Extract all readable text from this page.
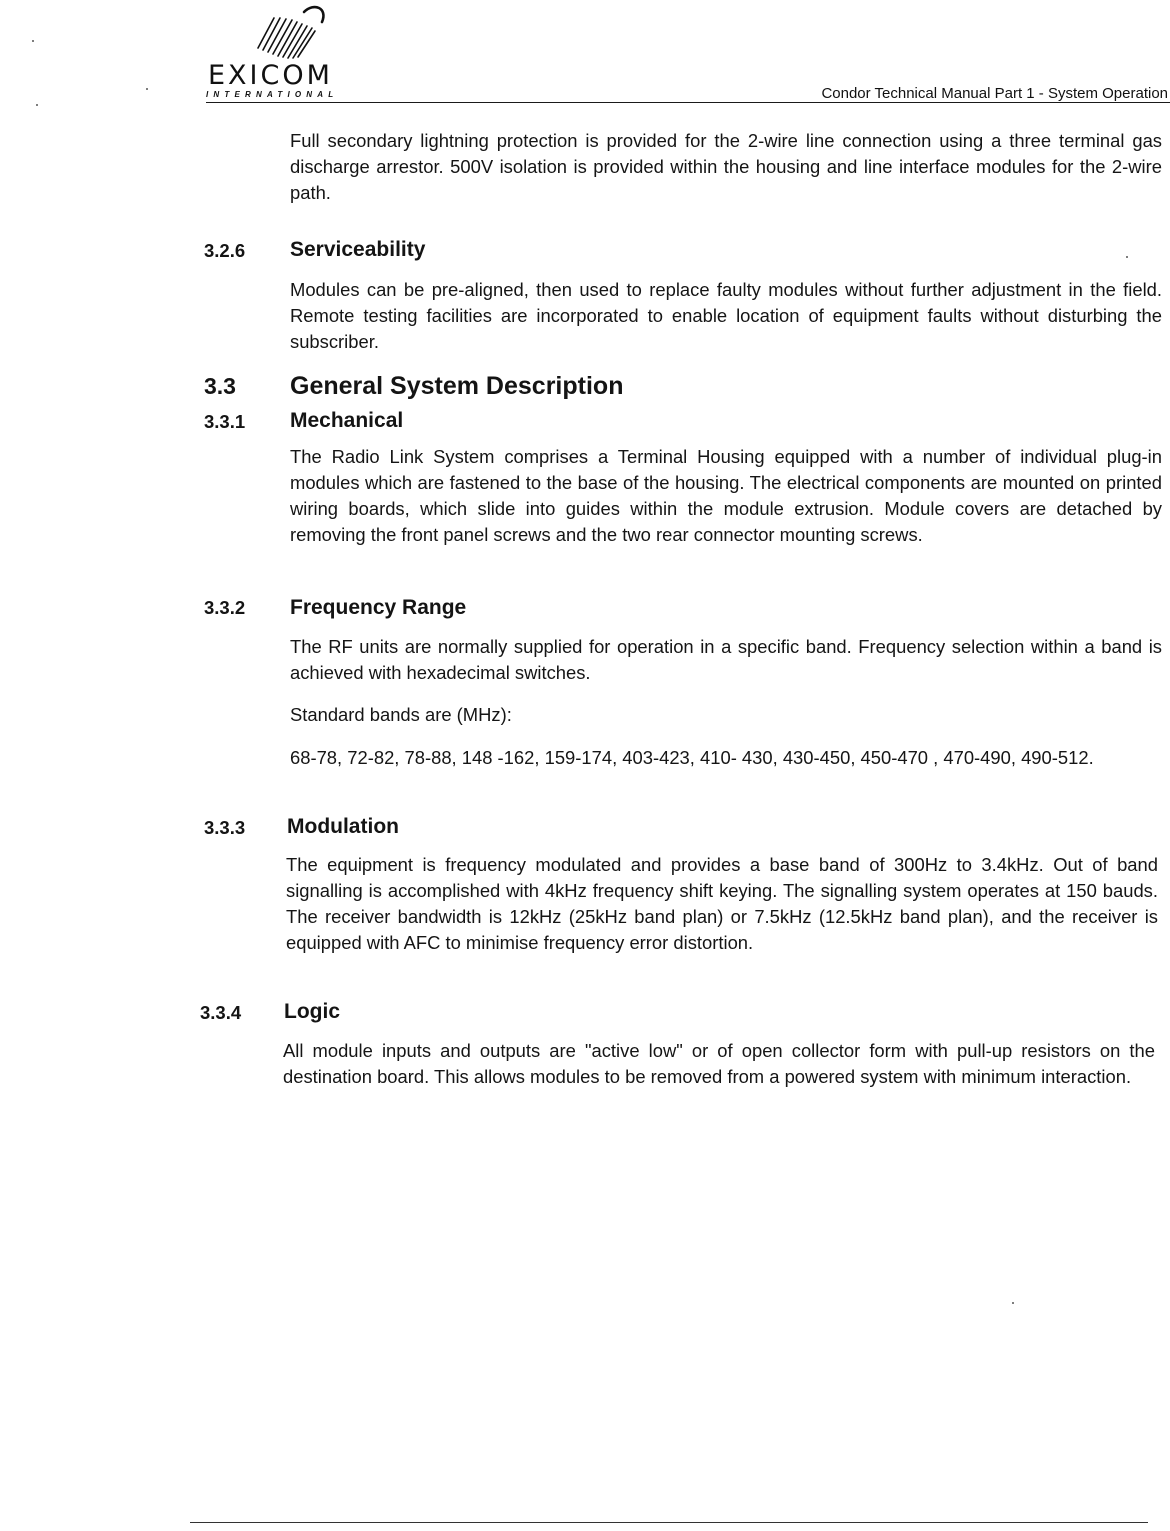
EXICOM
INTERNATIONAL	Condor Technical Manual Part 1 - System Operation

Full secondary lightning protection is provided for the 2-wire line connection using a three terminal gas discharge arrestor. 500V isolation is provided within the housing and line interface modules for the 2-wire path.

3.2.6 Serviceability

Modules can be pre-aligned, then used to replace faulty modules without further adjustment in the field. Remote testing facilities are incorporated to enable location of equipment faults without disturbing the subscriber.

3.3 General System Description
3.3.1 Mechanical

The Radio Link System comprises a Terminal Housing equipped with a number of individual plug-in modules which are fastened to the base of the housing. The electrical components are mounted on printed wiring boards, which slide into guides within the module extrusion. Module covers are detached by removing the front panel screws and the two rear connector mounting screws.

3.3.2 Frequency Range

The RF units are normally supplied for operation in a specific band. Frequency selection within a band is achieved with hexadecimal switches.

Standard bands are (MHz):

68-78, 72-82, 78-88, 148 -162, 159-174, 403-423, 410- 430, 430-450, 450-470 , 470-490, 490-512.

3.3.3 Modulation

The equipment is frequency modulated and provides a base band of 300Hz to 3.4kHz. Out of band signalling is accomplished with 4kHz frequency shift keying. The signalling system operates at 150 bauds. The receiver bandwidth is 12kHz (25kHz band plan) or 7.5kHz (12.5kHz band plan), and the receiver is equipped with AFC to minimise frequency error distortion.

3.3.4 Logic

All module inputs and outputs are "active low" or of open collector form with pull-up resistors on the destination board. This allows modules to be removed from a powered system with minimum interaction.
